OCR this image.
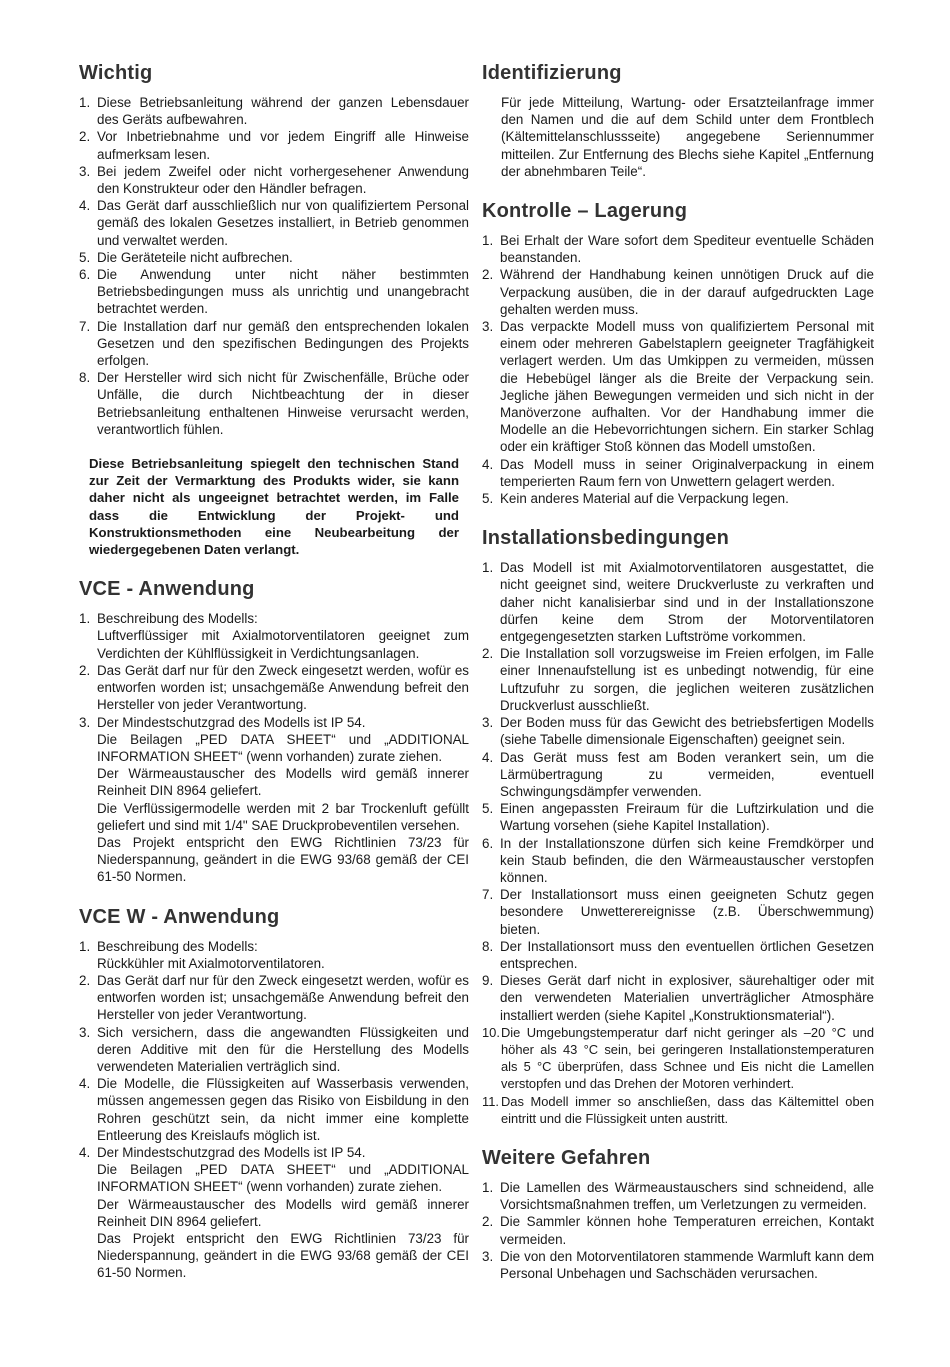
Wichtig
1. Diese Betriebsanleitung während der ganzen Lebensdauer des Geräts aufbewahren.
2. Vor Inbetriebnahme und vor jedem Eingriff alle Hinweise aufmerksam lesen.
3. Bei jedem Zweifel oder nicht vorhergesehener Anwendung den Konstrukteur oder den Händler befragen.
4. Das Gerät darf ausschließlich nur von qualifiziertem Personal gemäß des lokalen Gesetzes installiert, in Betrieb genommen und verwaltet werden.
5. Die Geräteteile nicht aufbrechen.
6. Die Anwendung unter nicht näher bestimmten Betriebsbedingungen muss als unrichtig und unangebracht betrachtet werden.
7. Die Installation darf nur gemäß den entsprechenden lokalen Gesetzen und den spezifischen Bedingungen des Projekts erfolgen.
8. Der Hersteller wird sich nicht für Zwischenfälle, Brüche oder Unfälle, die durch Nichtbeachtung der in dieser Betriebsanleitung enthaltenen Hinweise verursacht werden, verantwortlich fühlen.
Diese Betriebsanleitung spiegelt den technischen Stand zur Zeit der Vermarktung des Produkts wider, sie kann daher nicht als ungeeignet betrachtet werden, im Falle dass die Entwicklung der Projekt- und Konstruktionsmethoden eine Neubearbeitung der wiedergegebenen Daten verlangt.
VCE - Anwendung
1. Beschreibung des Modells:
Luftverflüssiger mit Axialmotorventilatoren geeignet zum Verdichten der Kühlflüssigkeit in Verdichtungsanlagen.
2. Das Gerät darf nur für den Zweck eingesetzt werden, wofür es entworfen worden ist; unsachgemäße Anwendung befreit den Hersteller von jeder Verantwortung.
3. Der Mindestschutzgrad des Modells ist IP 54.
Die Beilagen „PED DATA SHEET“ und „ADDITIONAL INFORMATION SHEET“ (wenn vorhanden) zurate ziehen.
Der Wärmeaustauscher des Modells wird gemäß innerer Reinheit DIN 8964 geliefert.
Die Verflüssigermodelle werden mit 2 bar Trockenluft gefüllt geliefert und sind mit 1/4" SAE Druckprobeventilen versehen.
Das Projekt entspricht den EWG Richtlinien 73/23 für Niederspannung, geändert in die EWG 93/68 gemäß der CEI 61-50 Normen.
VCE W - Anwendung
1. Beschreibung des Modells:
Rückkühler mit Axialmotorventilatoren.
2. Das Gerät darf nur für den Zweck eingesetzt werden, wofür es entworfen worden ist; unsachgemäße Anwendung befreit den Hersteller von jeder Verantwortung.
3. Sich versichern, dass die angewandten Flüssigkeiten und deren Additive mit den für die Herstellung des Modells verwendeten Materialien verträglich sind.
4. Die Modelle, die Flüssigkeiten auf Wasserbasis verwenden, müssen angemessen gegen das Risiko von Eisbildung in den Rohren geschützt sein, da nicht immer eine komplette Entleerung des Kreislaufs möglich ist.
4. Der Mindestschutzgrad des Modells ist IP 54.
Die Beilagen „PED DATA SHEET“ und „ADDITIONAL INFORMATION SHEET“ (wenn vorhanden) zurate ziehen.
Der Wärmeaustauscher des Modells wird gemäß innerer Reinheit DIN 8964 geliefert.
Das Projekt entspricht den EWG Richtlinien 73/23 für Niederspannung, geändert in die EWG 93/68 gemäß der CEI 61-50 Normen.
Identifizierung
Für jede Mitteilung, Wartung- oder Ersatzteilanfrage immer den Namen und die auf dem Schild unter dem Frontblech (Kältemittelanschlussseite) angegebene Seriennummer mitteilen. Zur Entfernung des Blechs siehe Kapitel „Entfernung der abnehmbaren Teile“.
Kontrolle – Lagerung
1. Bei Erhalt der Ware sofort dem Spediteur eventuelle Schäden beanstanden.
2. Während der Handhabung keinen unnötigen Druck auf die Verpackung ausüben, die in der darauf aufgedruckten Lage gehalten werden muss.
3. Das verpackte Modell muss von qualifiziertem Personal mit einem oder mehreren Gabelstaplern geeigneter Tragfähigkeit verlagert werden. Um das Umkippen zu vermeiden, müssen die Hebebügel länger als die Breite der Verpackung sein. Jegliche jähen Bewegungen vermeiden und sich nicht in der Manöverzone aufhalten. Vor der Handhabung immer die Modelle an die Hebevorrichtungen sichern. Ein starker Schlag oder ein kräftiger Stoß können das Modell umstoßen.
4. Das Modell muss in seiner Originalverpackung in einem temperierten Raum fern von Unwettern gelagert werden.
5. Kein anderes Material auf die Verpackung legen.
Installationsbedingungen
1. Das Modell ist mit Axialmotorventilatoren ausgestattet, die nicht geeignet sind, weitere Druckverluste zu verkraften und daher nicht kanalisierbar sind und in der Installationszone dürfen keine dem Strom der Motorventilatoren entgegengesetzten starken Luftströme vorkommen.
2. Die Installation soll vorzugsweise im Freien erfolgen, im Falle einer Innenaufstellung ist es unbedingt notwendig, für eine Luftzufuhr zu sorgen, die jeglichen weiteren zusätzlichen Druckverlust ausschließt.
3. Der Boden muss für das Gewicht des betriebsfertigen Modells (siehe Tabelle dimensionale Eigenschaften) geeignet sein.
4. Das Gerät muss fest am Boden verankert sein, um die Lärmübertragung zu vermeiden, eventuell Schwingungsdämpfer verwenden.
5. Einen angepassten Freiraum für die Luftzirkulation und die Wartung vorsehen (siehe Kapitel Installation).
6. In der Installationszone dürfen sich keine Fremdkörper und kein Staub befinden, die den Wärmeaustauscher verstopfen können.
7. Der Installationsort muss einen geeigneten Schutz gegen besondere Unwetterereignisse (z.B. Überschwemmung) bieten.
8. Der Installationsort muss den eventuellen örtlichen Gesetzen entsprechen.
9. Dieses Gerät darf nicht in explosiver, säurehaltiger oder mit den verwendeten Materialien unverträglicher Atmosphäre installiert werden (siehe Kapitel „Konstruktionsmaterial“).
10. Die Umgebungstemperatur darf nicht geringer als –20 °C und höher als 43 °C sein, bei geringeren Installationstemperaturen als 5 °C überprüfen, dass Schnee und Eis nicht die Lamellen verstopfen und das Drehen der Motoren verhindert.
11. Das Modell immer so anschließen, dass das Kältemittel oben eintritt und die Flüssigkeit unten austritt.
Weitere Gefahren
1. Die Lamellen des Wärmeaustauschers sind schneidend, alle Vorsichtsmaßnahmen treffen, um Verletzungen zu vermeiden.
2. Die Sammler können hohe Temperaturen erreichen, Kontakt vermeiden.
3. Die von den Motorventilatoren stammende Warmluft kann dem Personal Unbehagen und Sachschäden verursachen.
